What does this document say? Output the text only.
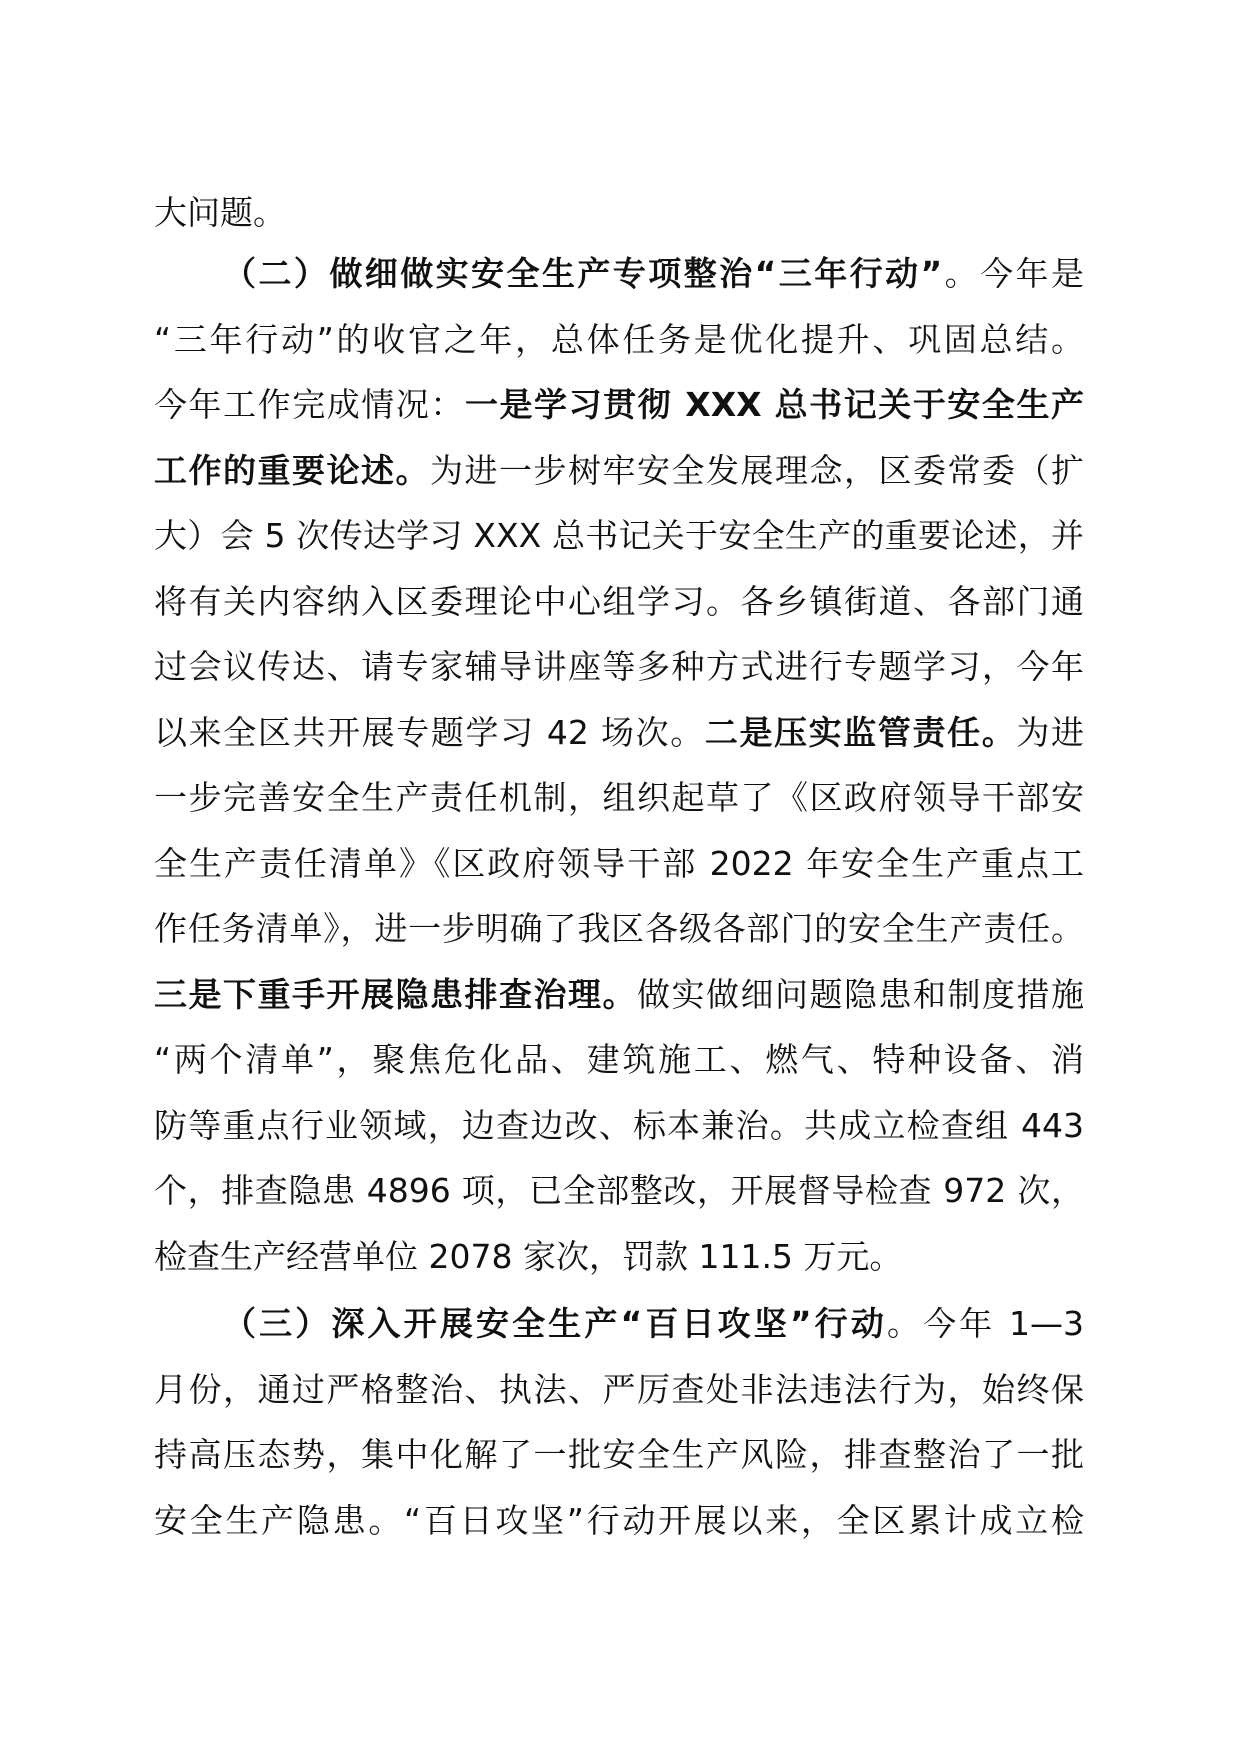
大问题。
（二）做细做实安全生产专项整治“三年行动”。今年是
“三年行动”的收官之年，总体任务是优化提升、巩固总结。
今年工作完成情况：一是学习贯彻 XXX 总书记关于安全生产
工作的重要论述。为进一步树牢安全发展理念，区委常委（扩
大）会 5 次传达学习 XXX 总书记关于安全生产的重要论述，并
将有关内容纳入区委理论中心组学习。各乡镇街道、各部门通
过会议传达、请专家辅导讲座等多种方式进行专题学习，今年
以来全区共开展专题学习 42 场次。二是压实监管责任。为进
一步完善安全生产责任机制，组织起草了《区政府领导干部安
全生产责任清单》《区政府领导干部 2022 年安全生产重点工
作任务清单》，进一步明确了我区各级各部门的安全生产责任。
三是下重手开展隐患排查治理。做实做细问题隐患和制度措施
“两个清单”，聚焦危化品、建筑施工、燃气、特种设备、消
防等重点行业领域，边查边改、标本兼治。共成立检查组 443
个，排查隐患 4896 项，已全部整改，开展督导检查 972 次，
检查生产经营单位 2078 家次，罚款 111.5 万元。
（三）深入开展安全生产“百日攻坚”行动。今年 1—3
月份，通过严格整治、执法、严厉查处非法违法行为，始终保
持高压态势，集中化解了一批安全生产风险，排查整治了一批
安全生产隐患。“百日攻坚”行动开展以来，全区累计成立检
